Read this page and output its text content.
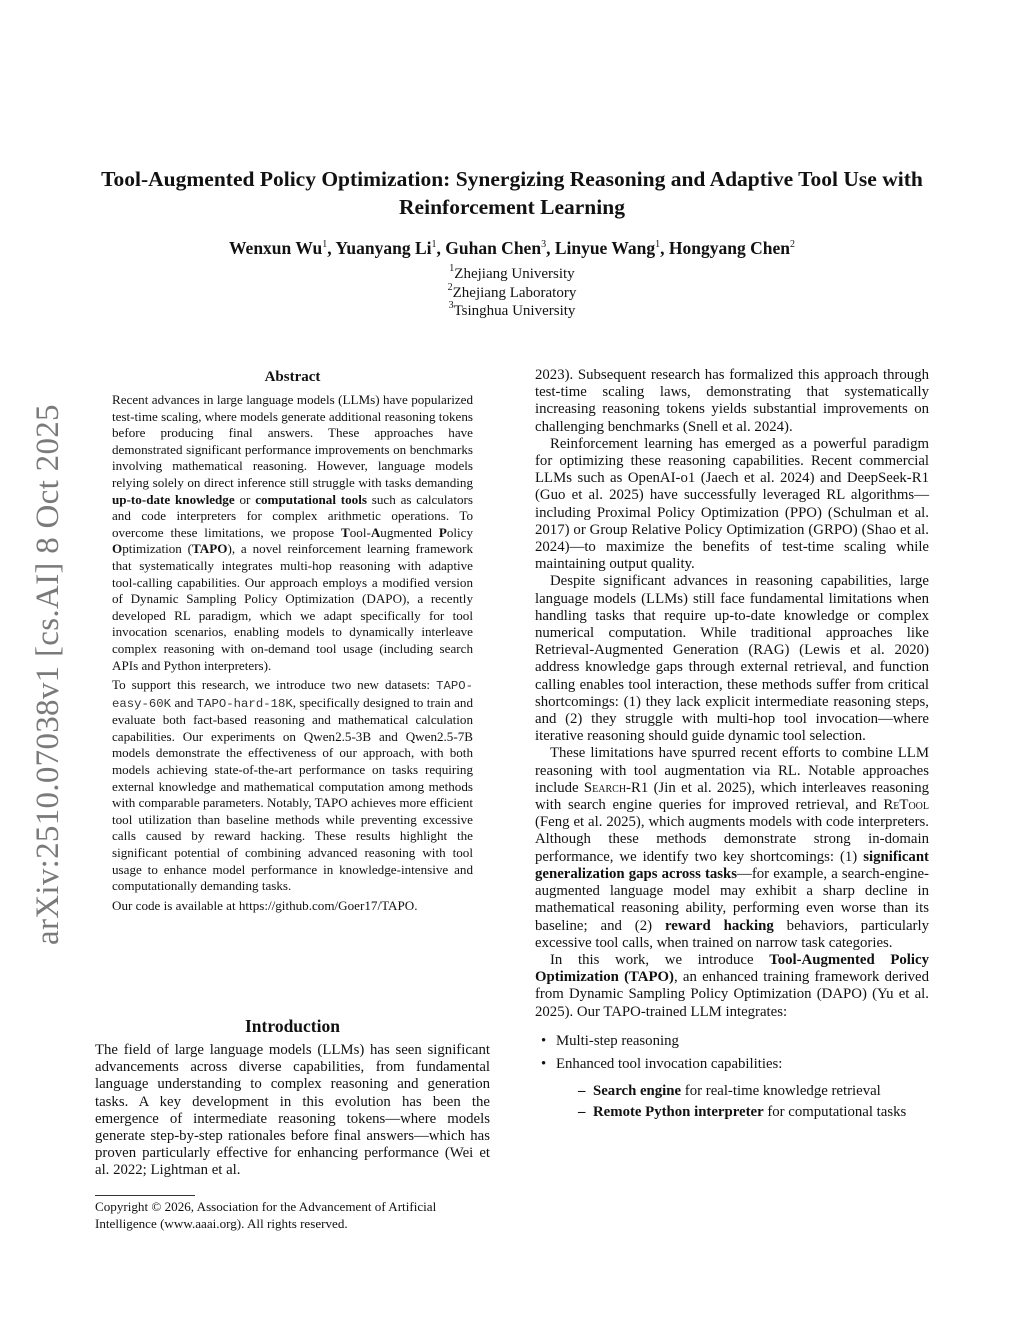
arXiv:2510.07038v1 [cs.AI] 8 Oct 2025
Tool-Augmented Policy Optimization: Synergizing Reasoning and Adaptive Tool Use with Reinforcement Learning
Wenxun Wu$^1$, Yuanyang Li$^1$, Guhan Chen$^3$, Linyue Wang$^1$, Hongyang Chen$^2$
$^1$Zhejiang University
$^2$Zhejiang Laboratory
$^3$Tsinghua University
Abstract

Recent advances in large language models (LLMs) have popularized test-time scaling, where models generate additional reasoning tokens before producing final answers. These approaches have demonstrated significant performance improvements on benchmarks involving mathematical reasoning. However, language models relying solely on direct inference still struggle with tasks demanding up-to-date knowledge or computational tools such as calculators and code interpreters for complex arithmetic operations. To overcome these limitations, we propose Tool-Augmented Policy Optimization (TAPO), a novel reinforcement learning framework that systematically integrates multi-hop reasoning with adaptive tool-calling capabilities. Our approach employs a modified version of Dynamic Sampling Policy Optimization (DAPO), a recently developed RL paradigm, which we adapt specifically for tool invocation scenarios, enabling models to dynamically interleave complex reasoning with on-demand tool usage (including search APIs and Python interpreters).

To support this research, we introduce two new datasets: TAPO-easy-60K and TAPO-hard-18K, specifically designed to train and evaluate both fact-based reasoning and mathematical calculation capabilities. Our experiments on Qwen2.5-3B and Qwen2.5-7B models demonstrate the effectiveness of our approach, with both models achieving state-of-the-art performance on tasks requiring external knowledge and mathematical computation among methods with comparable parameters. Notably, TAPO achieves more efficient tool utilization than baseline methods while preventing excessive calls caused by reward hacking. These results highlight the significant potential of combining advanced reasoning with tool usage to enhance model performance in knowledge-intensive and computationally demanding tasks.

Our code is available at https://github.com/Goer17/TAPO.

Introduction

The field of large language models (LLMs) has seen significant advancements across diverse capabilities, from fundamental language understanding to complex reasoning and generation tasks. A key development in this evolution has been the emergence of intermediate reasoning tokens—where models generate step-by-step rationales before final answers—which has proven particularly effective for enhancing performance (Wei et al. 2022; Lightman et al.

Copyright © 2026, Association for the Advancement of Artificial Intelligence (www.aaai.org). All rights reserved.

2023). Subsequent research has formalized this approach through test-time scaling laws, demonstrating that systematically increasing reasoning tokens yields substantial improvements on challenging benchmarks (Snell et al. 2024).

Reinforcement learning has emerged as a powerful paradigm for optimizing these reasoning capabilities. Recent commercial LLMs such as OpenAI-o1 (Jaech et al. 2024) and DeepSeek-R1 (Guo et al. 2025) have successfully leveraged RL algorithms—including Proximal Policy Optimization (PPO) (Schulman et al. 2017) or Group Relative Policy Optimization (GRPO) (Shao et al. 2024)—to maximize the benefits of test-time scaling while maintaining output quality.

Despite significant advances in reasoning capabilities, large language models (LLMs) still face fundamental limitations when handling tasks that require up-to-date knowledge or complex numerical computation. While traditional approaches like Retrieval-Augmented Generation (RAG) (Lewis et al. 2020) address knowledge gaps through external retrieval, and function calling enables tool interaction, these methods suffer from critical shortcomings: (1) they lack explicit intermediate reasoning steps, and (2) they struggle with multi-hop tool invocation—where iterative reasoning should guide dynamic tool selection.

These limitations have spurred recent efforts to combine LLM reasoning with tool augmentation via RL. Notable approaches include Search-R1 (Jin et al. 2025), which interleaves reasoning with search engine queries for improved retrieval, and ReTool (Feng et al. 2025), which augments models with code interpreters. Although these methods demonstrate strong in-domain performance, we identify two key shortcomings: (1) significant generalization gaps across tasks—for example, a search-engine-augmented language model may exhibit a sharp decline in mathematical reasoning ability, performing even worse than its baseline; and (2) reward hacking behaviors, particularly excessive tool calls, when trained on narrow task categories.

In this work, we introduce Tool-Augmented Policy Optimization (TAPO), an enhanced training framework derived from Dynamic Sampling Policy Optimization (DAPO) (Yu et al. 2025). Our TAPO-trained LLM integrates:

• Multi-step reasoning
• Enhanced tool invocation capabilities:
– Search engine for real-time knowledge retrieval
– Remote Python interpreter for computational tasks
